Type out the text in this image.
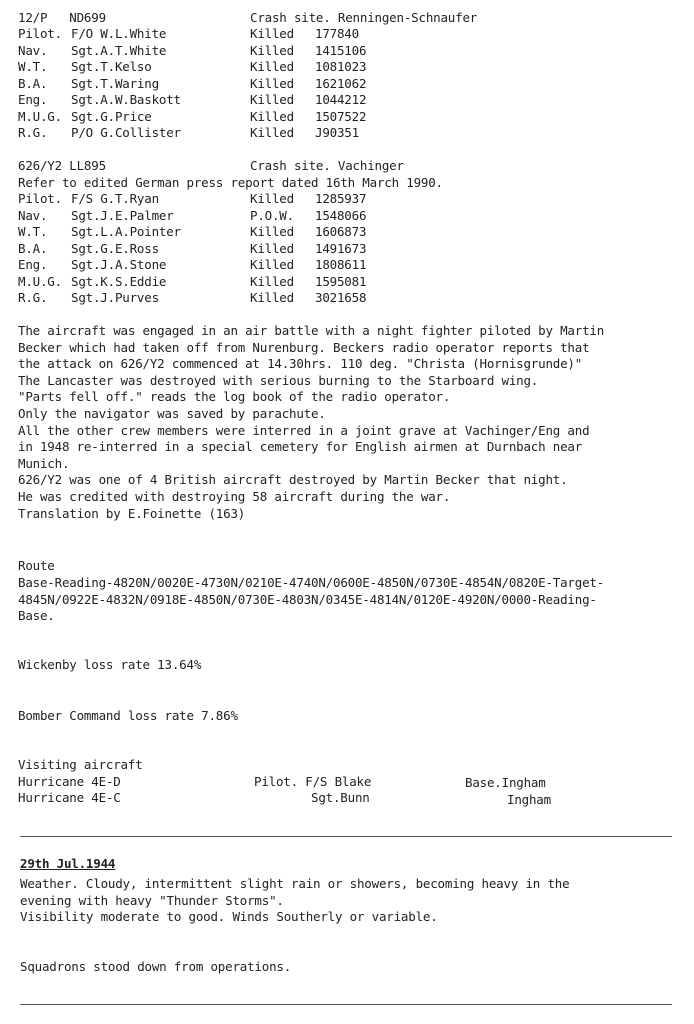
12/P   ND699	Crash site. Renningen-Schnaufer
Pilot. F/O W.L.White	Killed 177840
Nav. Sgt.A.T.White	Killed 1415106
W.T. Sgt.T.Kelso	Killed 1081023
B.A. Sgt.T.Waring	Killed 1621062
Eng. Sgt.A.W.Baskott	Killed 1044212
M.U.G. Sgt.G.Price	Killed 1507522
R.G. P/O G.Collister	Killed J90351
626/Y2 LL895	Crash site. Vachinger
Refer to edited German press report dated 16th March 1990.
Pilot. F/S G.T.Ryan	Killed 1285937
Nav. Sgt.J.E.Palmer	P.O.W. 1548066
W.T. Sgt.L.A.Pointer	Killed 1606873
B.A. Sgt.G.E.Ross	Killed 1491673
Eng. Sgt.J.A.Stone	Killed 1808611
M.U.G. Sgt.K.S.Eddie	Killed 1595081
R.G. Sgt.J.Purves	Killed 3021658
The aircraft was engaged in an air battle with a night fighter piloted by Martin
Becker which had taken off from Nurenburg. Beckers radio operator reports that
the attack on 626/Y2 commenced at 14.30hrs. 110 deg. "Christa (Hornisgrunde)"
The Lancaster was destroyed with serious burning to the Starboard wing.
"Parts fell off." reads the log book of the radio operator.
Only the navigator was saved by parachute.
All the other crew members were interred in a joint grave at Vachinger/Eng and
in 1948 re-interred in a special cemetery for English airmen at Durnbach near
Munich.
626/Y2 was one of 4 British aircraft destroyed by Martin Becker that night.
He was credited with destroying 58 aircraft during the war.
Translation by E.Foinette (163)
Route
Base-Reading-4820N/0020E-4730N/0210E-4740N/0600E-4850N/0730E-4854N/0820E-Target-
4845N/0922E-4832N/0918E-4850N/0730E-4803N/0345E-4814N/0120E-4920N/0000-Reading-
Base.
Wickenby loss rate 13.64%
Bomber Command loss rate 7.86%
Visiting aircraft
Hurricane 4E-D	Pilot. F/S Blake	Base.Ingham
Hurricane 4E-C	Sgt.Bunn	Ingham
29th Jul.1944
Weather. Cloudy, intermittent slight rain or showers, becoming heavy in the
evening with heavy "Thunder Storms".
Visibility moderate to good. Winds Southerly or variable.
Squadrons stood down from operations.
